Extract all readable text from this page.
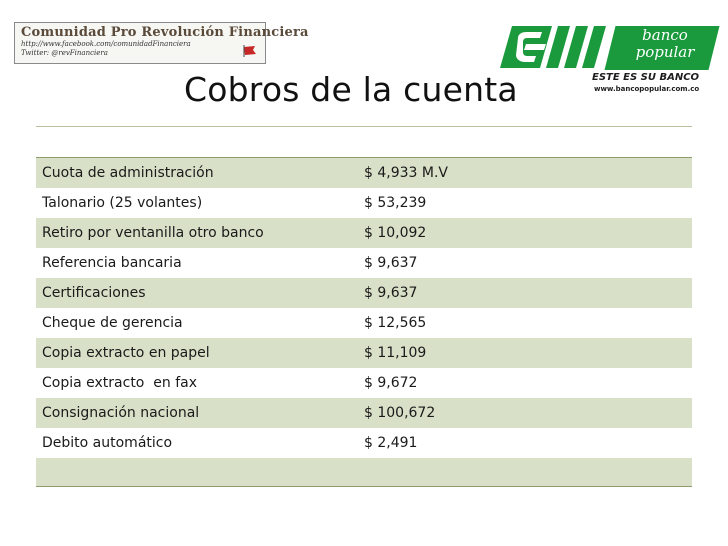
Comunidad Pro Revolución Financiera
http://www.facebook.com/comunidadFinanciera
Twitter: @revFinanciera
banco
popular
ESTE ES SU BANCO
www.bancopopular.com.co
Cobros de la cuenta
Cuota de administración	$ 4,933 M.V
Talonario (25 volantes)	$ 53,239
Retiro por ventanilla otro banco	$ 10,092
Referencia bancaria	$ 9,637
Certificaciones	$ 9,637
Cheque de gerencia	$ 12,565
Copia extracto en papel	$ 11,109
Copia extracto  en fax	$ 9,672
Consignación nacional	$ 100,672
Debito automático	$ 2,491
